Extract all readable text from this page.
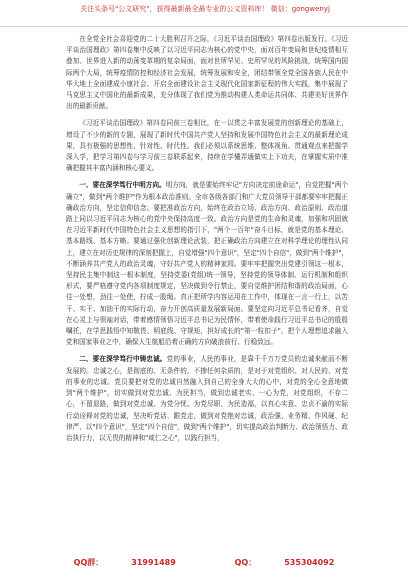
关注头条号"公文研究"，获得最新最全最专业的公文资料库！ 微信：gongwenyj

在全党全社会喜迎党的二十大胜利召开之际，《习近平谈治国理政》第四卷出版发行。《习近平谈治国理政》第四卷集中反映了以习近平同志为核心的党中央，面对百年变局和世纪疫情相互叠加、世界进入新的动荡变革期的复杂局面，面对世所罕见、史所罕见的风险挑战，统筹国内国际两个大局，统筹疫情防控和经济社会发展，统筹发展和安全，团结带领全党全国各族人民在中华大地上全面建成小康社会、开启全面建设社会主义现代化国家新征程的伟大实践，集中展现了马克思主义中国化的最新成果，充分体现了我们党为推动构建人类命运共同体、共建美好世界作出的最新贡献。

《习近平谈治国理政》第四卷同前三卷相比，在一以贯之丰富发展党的创新理论的基础上，增设了不少的新的专题，展现了新时代中国共产党人坚持和发展中国特色社会主义的最新理论成果，具有极强的思想性、针对性、时代性。我们必须以系统思维、整体视角、贯通观点来把握学深入学，把学习第四卷与学习前三卷联系起来，持续在学懂弄通做实上下功夫，在掌握实质中准确把握其丰富内涵和核心要义。

一、要在深学笃行中明方向。明方向，就是要始终牢记"方向决定前途命运"，自觉把握"两个确立"，做到"两个维护"作为根本政治准则。全市各级各部门和广大党员领导干部都要牢牢把握正确政治方向，坚定信仰信念。要把准政治方向，始终在政治立场、政治方向、政治原则、政治道路上同以习近平同志为核心的党中央保持高度一致。政治方向是党的生命和灵魂，加强和巩固就在习近平新时代中国特色社会主义思想的指引下，"两个一百年"奋斗目标，就是党的基本理论、基本路线、基本方略。要通过强化创新理论武装，把正确政治方向建立在对科学理论的理性认同上，建立在对历史规律的深刻把握上，自觉增强"四个意识"，坚定"四个自信"，做到"两个维护"，不断涵养共产党人的政治灵魂，守好共产党人的精神家园。要牢牢把握突出党建引领这一根本，坚持民主集中制这一根本制度，坚持党委(党组)统一领导，坚持党的领导体制、运行机制和组织形式，要严格遵守党内各项制度规定，坚决做到令行禁止，要自觉维护团结和谐的政治局面，心往一处想，劲往一处使，拧成一股绳。真正把所学内容运用在工作中，体现在一言一行上，以苦干、实干、加油干的实际行动，奋力开创高质量发展新局面。要坚定向习近平总书记看齐，自觉在心灵上与领袖对话，带着感情领悟习近平总书记为民情怀，带着使命践行习近平总书记的殷殷嘱托，在学思践悟中知敬畏、明底线、守规矩，担好成长的"第一粒扣子"，把个人理想追求融入党和国家事业之中，确保人生航船沿着正确的方向破浪前行、行稳致远。

二、要在深学笃行中铸忠诚。党的事业，人民的事业，是靠千千万万党员的忠诚来献而不断发展的。忠诚之心，是彻底的、无条件的，不掺任何杂质的，是对于对党组织、对人民的、对党的事业的忠诚。党员要把对党的忠诚自然融入到自己的全身大大的心中，对党的全心全意地做到"两个维护"，切实做到对党忠诚、为民担当，做到忠诚老实、一心为党，对党组织，不存二心，不留退路，做到对党忠诚、为党分忧、为党尽职、为民造福，以真心实意、忠贞不渝的实际行动诠释对党的忠诚，坚决听党话、跟党走，做到对党绝对忠诚，政治强、业务精、作风硬、纪律严，以"四个意识"，坚定"四个自信"，做到"两个维护"，切实提高政治判断力、政治领悟力、政治执行力，以无畏的精神和"咸仁之心"，以践行担当，

QQ群：	31991489	QQ：	535304092
